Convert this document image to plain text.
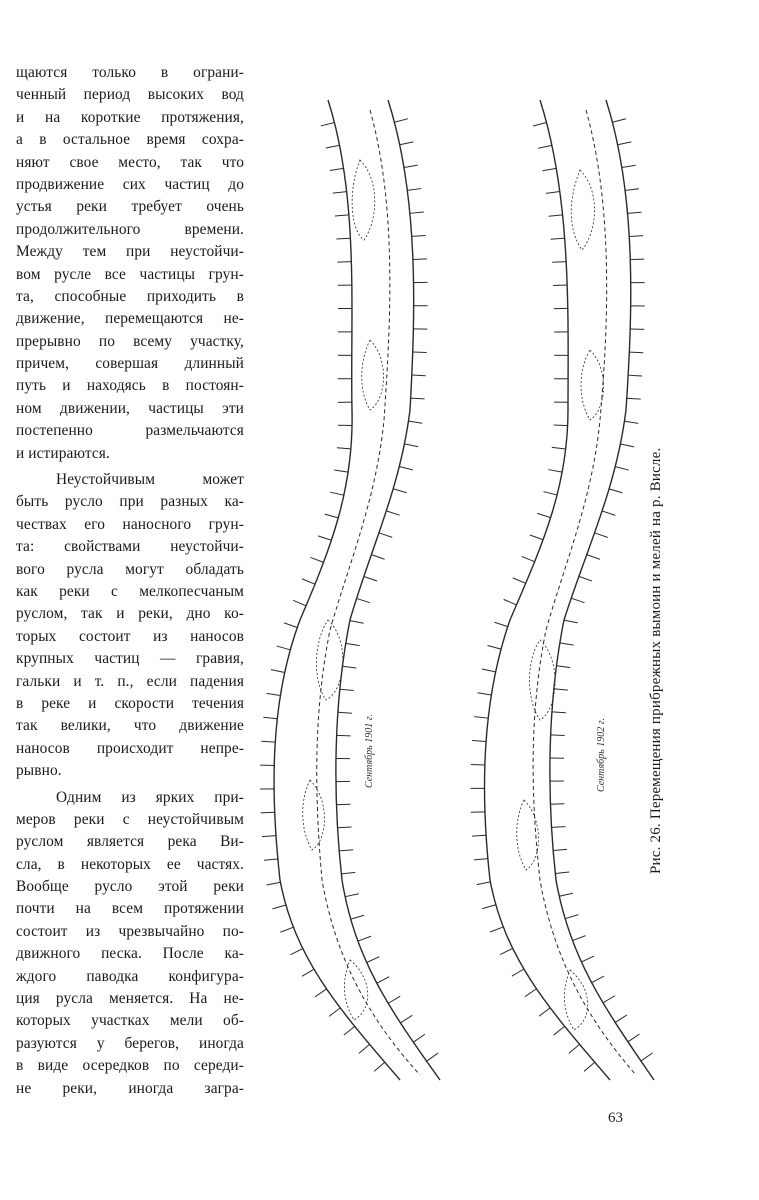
щаются только в ограни-
ченный период высоких вод
и на короткие протяжения,
а в остальное время сохра-
няют свое место, так что
продвижение сих частиц до
устья реки требует очень
продолжительного времени.
Между тем при неустойчи-
вом русле все частицы грун-
та, способные приходить в
движение, перемещаются не-
прерывно по всему участку,
причем, совершая длинный
путь и находясь в постоян-
ном движении, частицы эти
постепенно размельчаются
и истираются.
Неустойчивым может
быть русло при разных ка-
чествах его наносного грун-
та: свойствами неустойчи-
вого русла могут обладать
как реки с мелкопесчаным
руслом, так и реки, дно ко-
торых состоит из наносов
крупных частиц — гравия,
гальки и т. п., если падения
в реке и скорости течения
так велики, что движение
наносов происходит непре-
рывно.
Одним из ярких при-
меров реки с неустойчивым
руслом является река Ви-
сла, в некоторых ее частях.
Вообще русло этой реки
почти на всем протяжении
состоит из чрезвычайно по-
движного песка. После ка-
ждого паводка конфигура-
ция русла меняется. На не-
которых участках мели об-
разуются у берегов, иногда
в виде осередков по середи-
не реки, иногда загра-
Сентябрь 1901 г.	Сентябрь 1902 г.	Рис. 26. Перемещения прибрежных вымоин и мелей на р. Висле.
63
